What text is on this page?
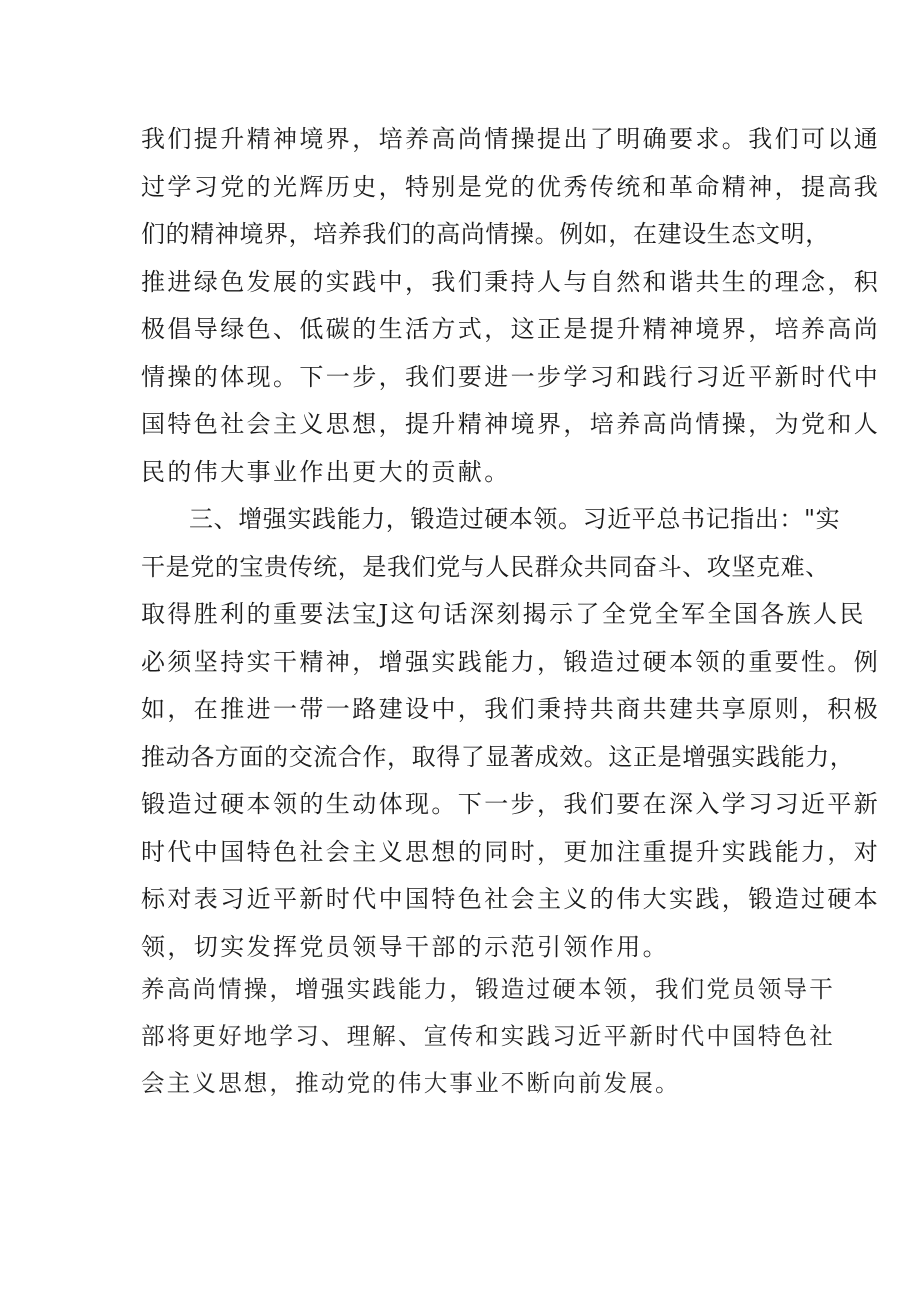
我们提升精神境界，培养高尚情操提出了明确要求。我们可以通
过学习党的光辉历史，特别是党的优秀传统和革命精神，提高我
们的精神境界，培养我们的高尚情操。例如，在建设生态文明，
推进绿色发展的实践中，我们秉持人与自然和谐共生的理念，积
极倡导绿色、低碳的生活方式，这正是提升精神境界，培养高尚
情操的体现。下一步，我们要进一步学习和践行习近平新时代中
国特色社会主义思想，提升精神境界，培养高尚情操，为党和人
民的伟大事业作出更大的贡献。
三、增强实践能力，锻造过硬本领。习近平总书记指出："实
干是党的宝贵传统，是我们党与人民群众共同奋斗、攻坚克难、
取得胜利的重要法宝J这句话深刻揭示了全党全军全国各族人民
必须坚持实干精神，增强实践能力，锻造过硬本领的重要性。例
如，在推进一带一路建设中，我们秉持共商共建共享原则，积极
推动各方面的交流合作，取得了显著成效。这正是增强实践能力，
锻造过硬本领的生动体现。下一步，我们要在深入学习习近平新
时代中国特色社会主义思想的同时，更加注重提升实践能力，对
标对表习近平新时代中国特色社会主义的伟大实践，锻造过硬本
领，切实发挥党员领导干部的示范引领作用。
养高尚情操，增强实践能力，锻造过硬本领，我们党员领导干
部将更好地学习、理解、宣传和实践习近平新时代中国特色社
会主义思想，推动党的伟大事业不断向前发展。
